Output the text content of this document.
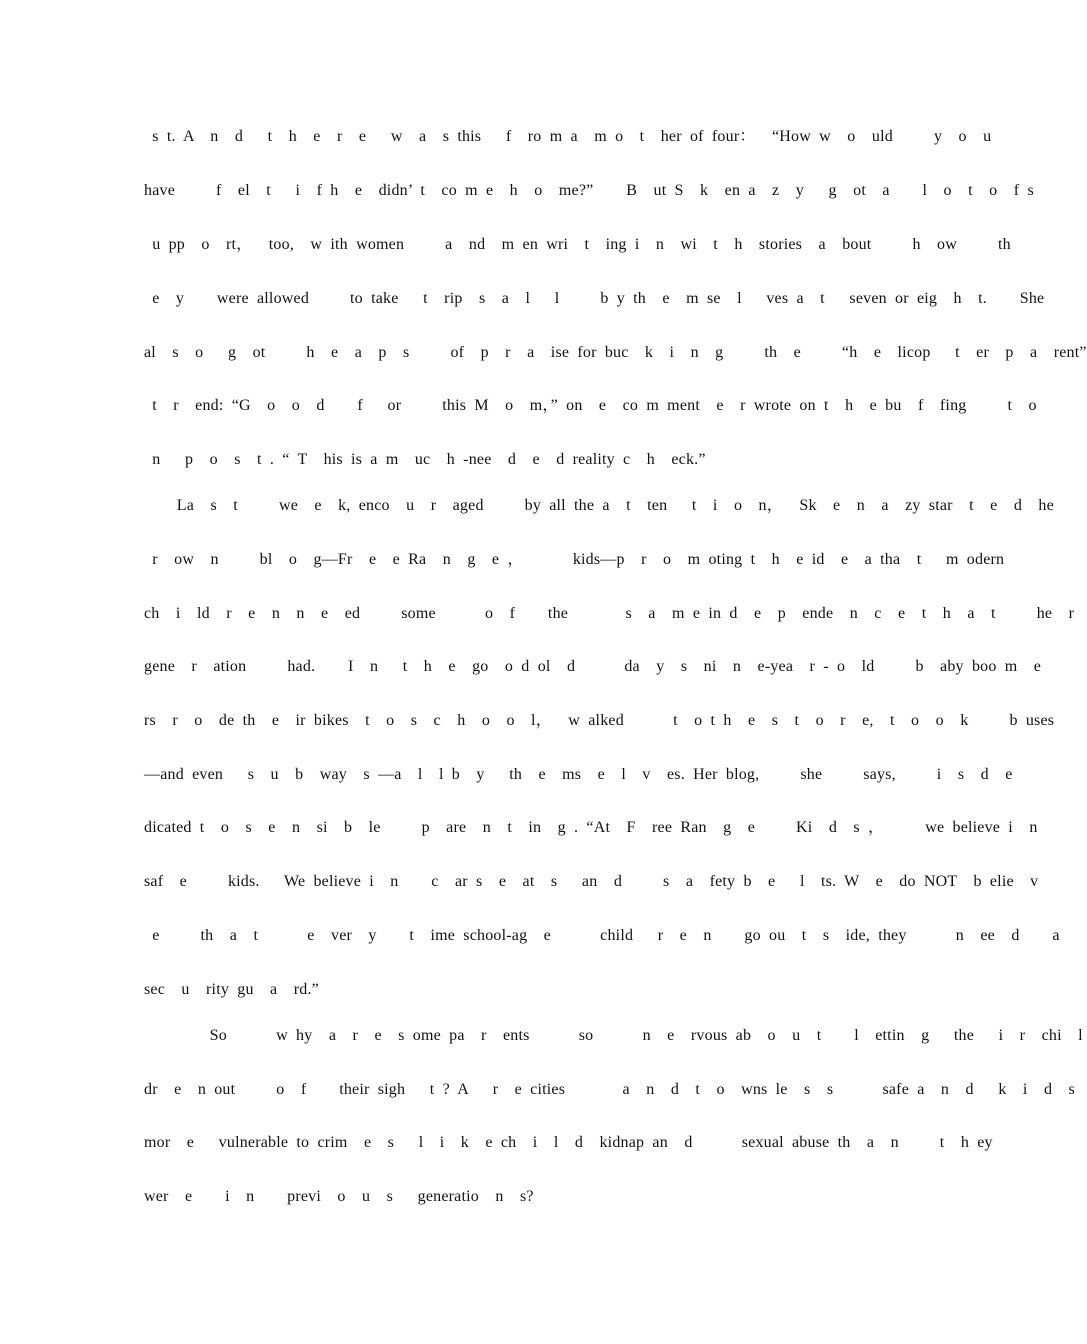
s t. A  n  d   t  h  e  r  e   w  a  s this   f  ro m a  m o  t  her of four：  “How w  o  uld     y  o  u
have     f  el  t   i  f h  e  didn’ t  co m e  h  o  me?”    B  ut S  k  en a  z  y   g  ot  a    l  o  t  o  f s
u pp  o  rt，  too,  w ith women     a  nd  m en wri  t  ing i  n  wi  t  h  stories  a  bout     h  ow     th
e  y    were allowed     to take   t  rip  s  a  l   l     b y th  e  m se  l   ves a  t   seven or eig  h  t.    She
al  s  o   g  ot     h  e  a  p  s     of  p  r  a  ise for buc  k  i  n  g     th  e     “h  e  licop   t  er  p  a  rent”
t  r  end: “G  o  o  d    f   or     this M  o  m，” on  e  co m ment  e  r wrote on t  h  e bu  f  fing     t  o
n   p  o  s  t . “ T  his is a m  uc  h -nee  d  e  d reality c  h  eck.”
La  s  t     we  e  k, enco  u  r  aged     by all the a  t  ten   t  i  o  n，  Sk  e  n  a  zy star  t  e  d  he
r  ow  n     bl  o  g—Fr  e  e Ra  n  g  e ，      kids—p  r  o  m oting t  h  e id  e  a tha  t   m odern
ch  i  ld  r  e  n  n  e  ed     some      o  f    the       s  a  m e in d  e  p  ende  n  c  e  t  h  a  t     he  r
gene  r  ation     had.    I  n   t  h  e  go  o d ol  d      da  y  s  ni  n  e-yea  r - o  ld     b  aby boo m  e
rs  r  o  de th  e  ir bikes  t  o  s  c  h  o  o  l，  w alked      t  o t h  e  s  t  o  r  e,  t  o  o  k     b uses
—and even   s  u  b  way  s —a  l  l b  y   th  e  ms  e  l  v  es. Her blog,     she     says,     i  s  d  e
dicated t  o  s  e  n  si  b  le     p  are  n  t  in  g . “At  F  ree Ran  g  e     Ki  d  s ，     we believe i  n
saf  e     kids.   We believe i  n    c  ar s  e  at  s   an  d     s  a  fety b  e   l  ts. W  e  do NOT  b elie  v
e     th  a  t      e  ver  y    t  ime school-ag  e      child   r  e  n    go ou  t  s  ide, they      n  ee  d    a
sec  u  rity gu  a  rd.”
So      w hy  a  r  e  s ome pa  r  ents      so      n  e  rvous ab  o  u  t    l  ettin  g   the   i  r  chi  l
dr  e  n out     o  f    their sigh   t ? A   r  e cities       a  n  d  t  o  wns le  s  s      safe a  n  d   k  i  d  s
mor  e   vulnerable to crim  e  s   l  i  k  e ch  i  l  d  kidnap an  d      sexual abuse th  a  n     t  h ey
wer  e    i  n    previ  o  u  s   generatio  n  s?
